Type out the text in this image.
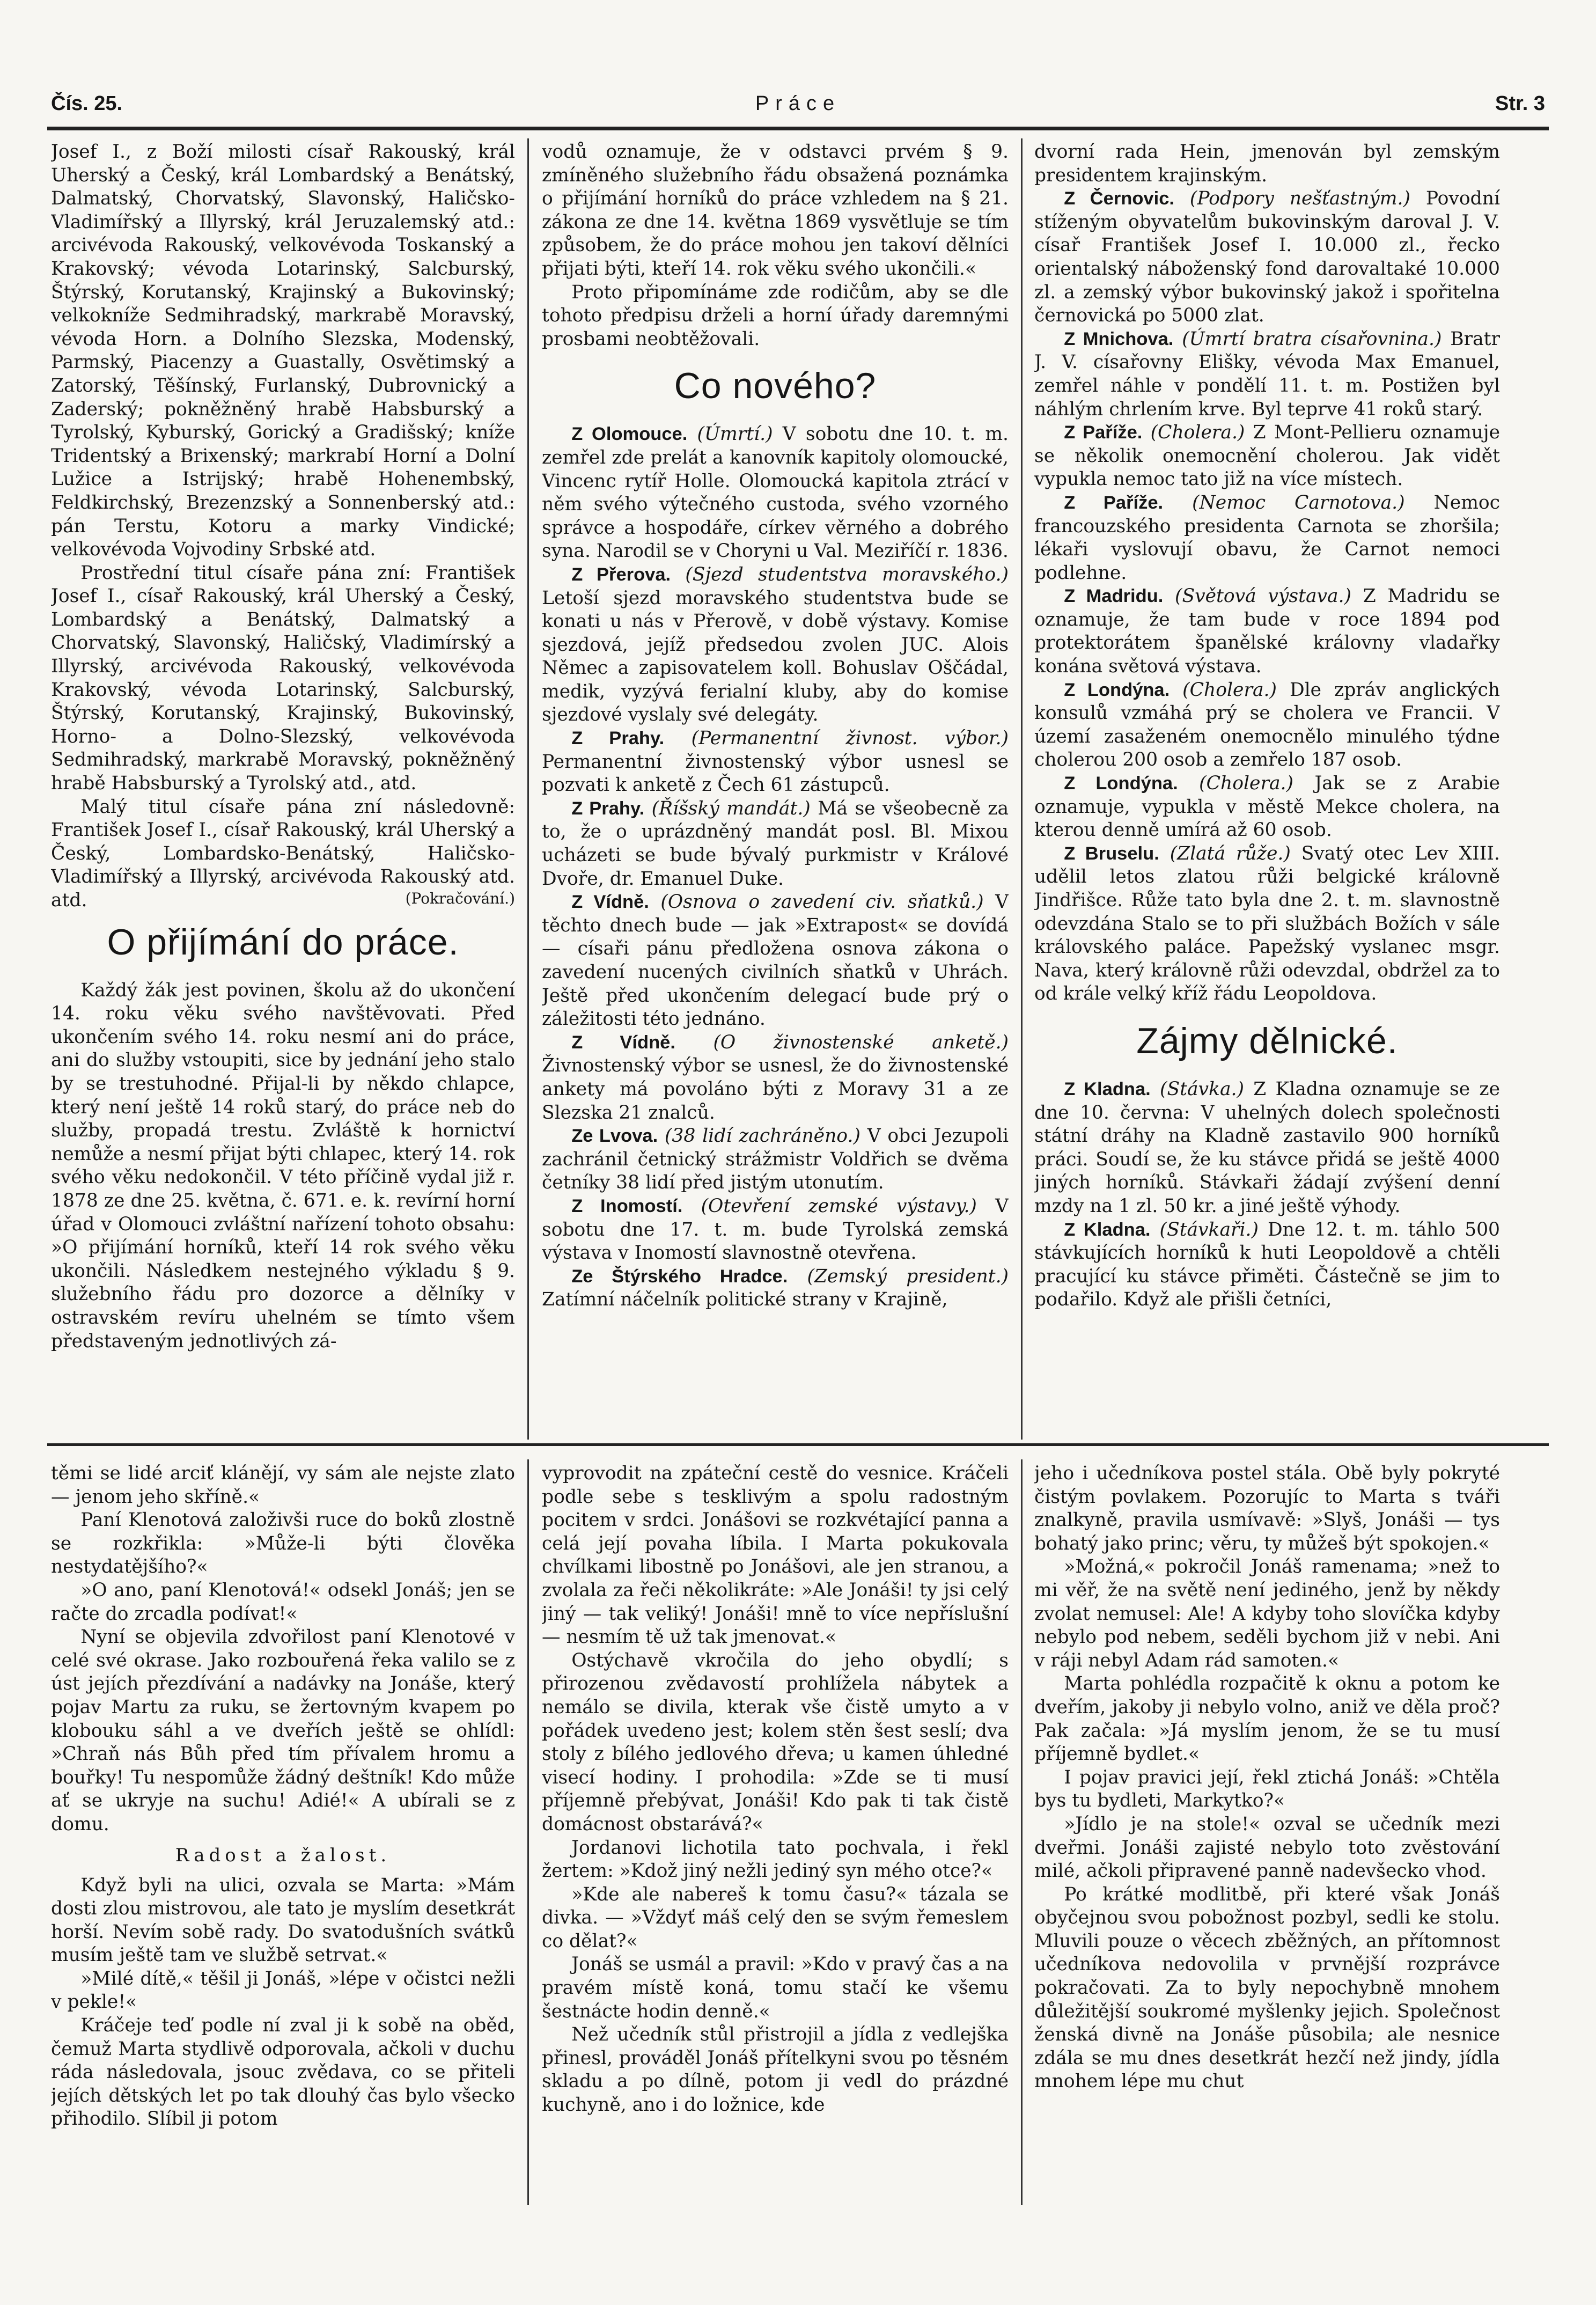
Čís. 25.	Práce	Str. 3

Josef I., z Boží milosti císař Rakouský, král Uherský a Český, král Lombardský a Benátský, Dalmatský, Chorvatský, Slavonský, Haličsko-Vladimířský a Illyrský, král Jeruzalemský atd.: arcivévoda Rakouský, velkovévoda Toskanský a Krakovský; vévoda Lotarinský, Salcburský, Štýrský, Korutanský, Krajinský a Bukovinský; velkokníže Sedmihradský, markrabě Moravský, vévoda Horn. a Dolního Slezska, Modenský, Parmský, Piacenzy a Guastally, Osvětimský a Zatorský, Těšínský, Furlanský, Dubrovnický a Zaderský; pokněžněný hrabě Habsburský a Tyrolský, Kyburský, Gorický a Gradišský; kníže Tridentský a Brixenský; markrabí Horní a Dolní Lužice a Istrijský; hrabě Hohenembský, Feldkirchský, Brezenzský a Sonnenberský atd.: pán Terstu, Kotoru a marky Vindické; velkovévoda Vojvodiny Srbské atd.

Prostřední titul císaře pána zní: František Josef I., císař Rakouský, král Uherský a Český, Lombardský a Benátský, Dalmatský a Chorvatský, Slavonský, Haličský, Vladimírský a Illyrský, arcivévoda Rakouský, velkovévoda Krakovský, vévoda Lotarinský, Salcburský, Štýrský, Korutanský, Krajinský, Bukovinský, Horno- a Dolno-Slezský, velkovévoda Sedmihradský, markrabě Moravský, pokněžněný hrabě Habsburský a Tyrolský atd., atd.

Malý titul císaře pána zní následovně: František Josef I., císař Rakouský, král Uherský a Český, Lombardsko-Benátský, Haličsko-Vladimířský a Illyrský, arcivévoda Rakouský atd. atd.	(Pokračování.)
O přijímání do práce.

Každý žák jest povinen, školu až do ukončení 14. roku věku svého navštěvovati. Před ukončením svého 14. roku nesmí ani do práce, ani do služby vstoupiti, sice by jednání jeho stalo by se trestuhodné. Přijal-li by někdo chlapce, který není ještě 14 roků starý, do práce neb do služby, propadá trestu. Zvláště k hornictví nemůže a nesmí přijat býti chlapec, který 14. rok svého věku nedokončil. V této příčině vydal již r. 1878 ze dne 25. května, č. 671. e. k. revírní horní úřad v Olomouci zvláštní nařízení tohoto obsahu: »O přijímání horníků, kteří 14 rok svého věku ukončili. Následkem nestejného výkladu § 9. služebního řádu pro dozorce a dělníky v ostravském revíru uhelném se tímto všem představeným jednotlivých zá-

vodů oznamuje, že v odstavci prvém § 9. zmíněného služebního řádu obsažená poznámka o přijímání horníků do práce vzhledem na § 21. zákona ze dne 14. května 1869 vysvětluje se tím způsobem, že do práce mohou jen takoví dělníci přijati býti, kteří 14. rok věku svého ukončili.«

Proto připomínáme zde rodičům, aby se dle tohoto předpisu drželi a horní úřady daremnými prosbami neobtěžovali.

Co nového?

Z Olomouce. (Úmrtí.) V sobotu dne 10. t. m. zemřel zde prelát a kanovník kapitoly olomoucké, Vincenc rytíř Holle. Olomoucká kapitola ztrácí v něm svého výtečného custoda, svého vzorného správce a hospodáře, církev věrného a dobrého syna. Narodil se v Choryni u Val. Meziříčí r. 1836.

Z Přerova. (Sjezd studentstva moravského.) Letoší sjezd moravského studentstva bude se konati u nás v Přerově, v době výstavy. Komise sjezdová, jejíž předsedou zvolen JUC. Alois Němec a zapisovatelem koll. Bohuslav Oščádal, medik, vyzývá ferialní kluby, aby do komise sjezdové vyslaly své delegáty.

Z Prahy. (Permanentní živnost. výbor.) Permanentní živnostenský výbor usnesl se pozvati k anketě z Čech 61 zástupců.

Z Prahy. (Říšský mandát.) Má se všeobecně za to, že o uprázdněný mandát posl. Bl. Mixou ucházeti se bude bývalý purkmistr v Králové Dvoře, dr. Emanuel Duke.

Z Vídně. (Osnova o zavedení civ. sňatků.) V těchto dnech bude — jak »Extrapost« se dovídá — císaři pánu předložena osnova zákona o zavedení nucených civilních sňatků v Uhrách. Ještě před ukončením delegací bude prý o záležitosti této jednáno.

Z Vídně. (O živnostenské anketě.) Živnostenský výbor se usnesl, že do živnostenské ankety má povoláno býti z Moravy 31 a ze Slezska 21 znalců.

Ze Lvova. (38 lidí zachráněno.) V obci Jezupoli zachránil četnický strážmistr Voldřich se dvěma četníky 38 lidí před jistým utonutím.

Z Inomostí. (Otevření zemské výstavy.) V sobotu dne 17. t. m. bude Tyrolská zemská výstava v Inomostí slavnostně otevřena.

Ze Štýrského Hradce. (Zemský president.) Zatímní náčelník politické strany v Krajině,

dvorní rada Hein, jmenován byl zemským presidentem krajinským.

Z Černovic. (Podpory nešťastným.) Povodní stíženým obyvatelům bukovinským daroval J. V. císař František Josef I. 10.000 zl., řecko orientalský náboženský fond darovaltaké 10.000 zl. a zemský výbor bukovinský jakož i spořitelna černovická po 5000 zlat.

Z Mnichova. (Úmrtí bratra císařovnina.) Bratr J. V. císařovny Elišky, vévoda Max Emanuel, zemřel náhle v pondělí 11. t. m. Postižen byl náhlým chrlením krve. Byl teprve 41 roků starý.

Z Paříže. (Cholera.) Z Mont-Pellieru oznamuje se několik onemocnění cholerou. Jak vidět vypukla nemoc tato již na více místech.

Z Paříže. (Nemoc Carnotova.) Nemoc francouzského presidenta Carnota se zhoršila; lékaři vyslovují obavu, že Carnot nemoci podlehne.

Z Madridu. (Světová výstava.) Z Madridu se oznamuje, že tam bude v roce 1894 pod protektorátem španělské královny vladařky konána světová výstava.

Z Londýna. (Cholera.) Dle zpráv anglických konsulů vzmáhá prý se cholera ve Francii. V území zasaženém onemocnělo minulého týdne cholerou 200 osob a zemřelo 187 osob.

Z Londýna. (Cholera.) Jak se z Arabie oznamuje, vypukla v městě Mekce cholera, na kterou denně umírá až 60 osob.

Z Bruselu. (Zlatá růže.) Svatý otec Lev XIII. udělil letos zlatou růži belgické královně Jindřišce. Růže tato byla dne 2. t. m. slavnostně odevzdána Stalo se to při službách Božích v sále královského paláce. Papežský vyslanec msgr. Nava, který královně růži odevzdal, obdržel za to od krále velký kříž řádu Leopoldova.

Zájmy dělnické.

Z Kladna. (Stávka.) Z Kladna oznamuje se ze dne 10. června: V uhelných dolech společnosti státní dráhy na Kladně zastavilo 900 horníků práci. Soudí se, že ku stávce přidá se ještě 4000 jiných horníků. Stávkaři žádají zvýšení denní mzdy na 1 zl. 50 kr. a jiné ještě výhody.

Z Kladna. (Stávkaři.) Dne 12. t. m. táhlo 500 stávkujících horníků k huti Leopoldově a chtěli pracující ku stávce přiměti. Částečně se jim to podařilo. Když ale přišli četníci,

těmi se lidé arciť klánějí, vy sám ale nejste zlato — jenom jeho skříně.«

Paní Klenotová založivši ruce do boků zlostně se rozkřikla: »Může-li býti člověka nestydatějšího?«

»O ano, paní Klenotová!« odsekl Jonáš; jen se račte do zrcadla podívat!«

Nyní se objevila zdvořilost paní Klenotové v celé své okrase. Jako rozbouřená řeka valilo se z úst jejích přezdívání a nadávky na Jonáše, který pojav Martu za ruku, se žertovným kvapem po klobouku sáhl a ve dveřích ještě se ohlídl: »Chraň nás Bůh před tím přívalem hromu a bouřky! Tu nespomůže žádný deštník! Kdo může ať se ukryje na suchu! Adié!« A ubírali se z domu.

Radost a žalost.

Když byli na ulici, ozvala se Marta: »Mám dosti zlou mistrovou, ale tato je myslím desetkrát horší. Nevím sobě rady. Do svatodušních svátků musím ještě tam ve službě setrvat.«

»Milé dítě,« těšil ji Jonáš, »lépe v očistci nežli v pekle!«

Kráčeje teď podle ní zval ji k sobě na oběd, čemuž Marta stydlivě odporovala, ačkoli v duchu ráda následovala, jsouc zvědava, co se přiteli jejích dětských let po tak dlouhý čas bylo všecko přihodilo. Slíbil ji potom

vyprovodit na zpáteční cestě do vesnice. Kráčeli podle sebe s tesklivým a spolu radostným pocitem v srdci. Jonášovi se rozkvétající panna a celá její povaha líbila. I Marta pokukovala chvílkami libostně po Jonášovi, ale jen stranou, a zvolala za řeči několikráte: »Ale Jonáši! ty jsi celý jiný — tak veliký! Jonáši! mně to více nepříslušní — nesmím tě už tak jmenovat.«

Ostýchavě vkročila do jeho obydlí; s přirozenou zvědavostí prohlížela nábytek a nemálo se divila, kterak vše čistě umyto a v pořádek uvedeno jest; kolem stěn šest seslí; dva stoly z bílého jedlového dřeva; u kamen úhledné visecí hodiny. I prohodila: »Zde se ti musí příjemně přebývat, Jonáši! Kdo pak ti tak čistě domácnost obstarává?«

Jordanovi lichotila tato pochvala, i řekl žertem: »Kdož jiný nežli jediný syn mého otce?«

»Kde ale nabereš k tomu času?« tázala se divka. — »Vždyť máš celý den se svým řemeslem co dělat?«

Jonáš se usmál a pravil: »Kdo v pravý čas a na pravém místě koná, tomu stačí ke všemu šestnácte hodin denně.«

Než učedník stůl přistrojil a jídla z vedlejška přinesl, prováděl Jonáš přítelkyni svou po těsném skladu a po dílně, potom ji vedl do prázdné kuchyně, ano i do ložnice, kde

jeho i učedníkova postel stála. Obě byly pokryté čistým povlakem. Pozorujíc to Marta s tváři znalkyně, pravila usmívavě: »Slyš, Jonáši — tys bohatý jako princ; věru, ty můžeš být spokojen.«

»Možná,« pokročil Jonáš ramenama; »než to mi věř, že na světě není jediného, jenž by někdy zvolat nemusel: Ale! A kdyby toho slovíčka kdyby nebylo pod nebem, seděli bychom již v nebi. Ani v ráji nebyl Adam rád samoten.«

Marta pohlédla rozpačitě k oknu a potom ke dveřím, jakoby ji nebylo volno, aniž ve děla proč? Pak začala: »Já myslím jenom, že se tu musí příjemně bydlet.«

I pojav pravici její, řekl ztichá Jonáš: »Chtěla bys tu bydleti, Markytko?«

»Jídlo je na stole!« ozval se učedník mezi dveřmi. Jonáši zajisté nebylo toto zvěstování milé, ačkoli připravené panně nadevšecko vhod.

Po krátké modlitbě, při které však Jonáš obyčejnou svou pobožnost pozbyl, sedli ke stolu. Mluvili pouze o věcech zběžných, an přítomnost učedníkova nedovolila v prvnější rozprávce pokračovati. Za to byly nepochybně mnohem důležitější soukromé myšlenky jejich. Společnost ženská divně na Jonáše působila; ale nesnice zdála se mu dnes desetkrát hezčí než jindy, jídla mnohem lépe mu chut
